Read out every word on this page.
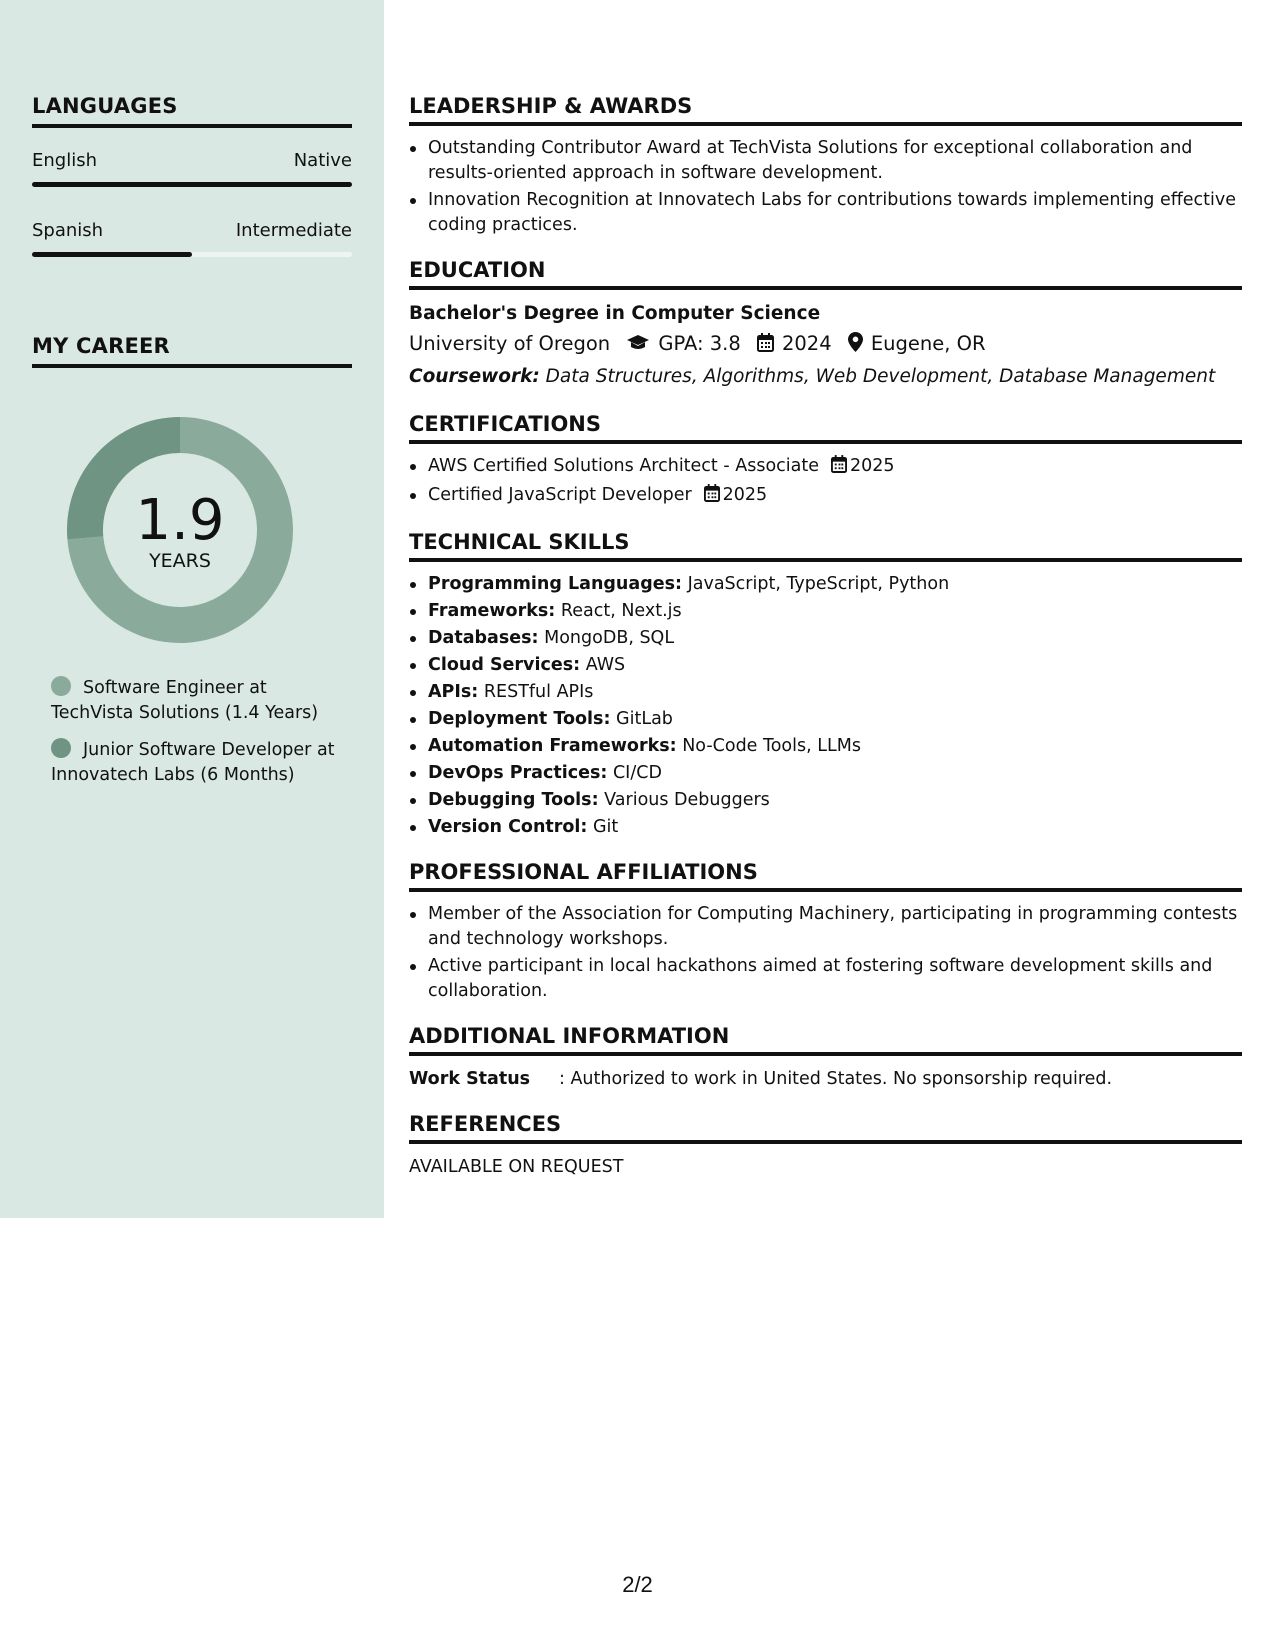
LANGUAGES
English	Native
Spanish	Intermediate
MY CAREER
1.9
YEARS
Software Engineer at TechVista Solutions (1.4 Years)
Junior Software Developer at Innovatech Labs (6 Months)
LEADERSHIP & AWARDS
Outstanding Contributor Award at TechVista Solutions for exceptional collaboration and results-oriented approach in software development.
Innovation Recognition at Innovatech Labs for contributions towards implementing effective coding practices.
EDUCATION
Bachelor's Degree in Computer Science
University of Oregon GPA: 3.8 2024 Eugene, OR
Coursework: Data Structures, Algorithms, Web Development, Database Management
CERTIFICATIONS
AWS Certified Solutions Architect - Associate 2025
Certified JavaScript Developer 2025
TECHNICAL SKILLS
Programming Languages: JavaScript, TypeScript, Python
Frameworks: React, Next.js
Databases: MongoDB, SQL
Cloud Services: AWS
APIs: RESTful APIs
Deployment Tools: GitLab
Automation Frameworks: No-Code Tools, LLMs
DevOps Practices: CI/CD
Debugging Tools: Various Debuggers
Version Control: Git
PROFESSIONAL AFFILIATIONS
Member of the Association for Computing Machinery, participating in programming contests and technology workshops.
Active participant in local hackathons aimed at fostering software development skills and collaboration.
ADDITIONAL INFORMATION
Work Status : Authorized to work in United States. No sponsorship required.
REFERENCES
AVAILABLE ON REQUEST
2/2
